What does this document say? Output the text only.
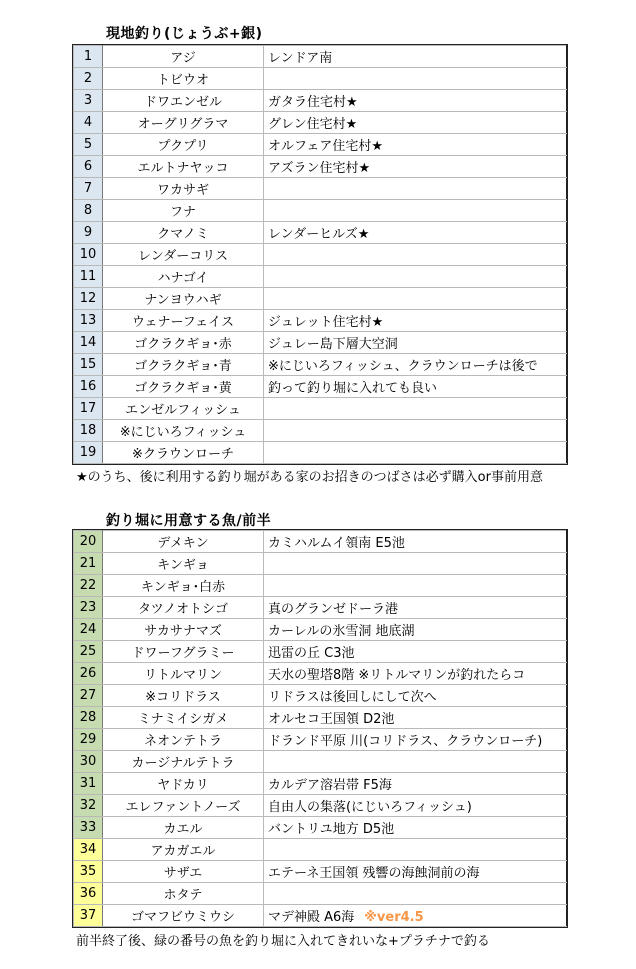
現地釣り(じょうぶ+銀)
1	アジ	レンドア南
2	トビウオ	
3	ドワエンゼル	ガタラ住宅村★
4	オーグリグラマ	グレン住宅村★
5	プクプリ	オルフェア住宅村★
6	エルトナヤッコ	アズラン住宅村★
7	ワカサギ	
8	フナ	
9	クマノミ	レンダーヒルズ★
10	レンダーコリス	
11	ハナゴイ	
12	ナンヨウハギ	
13	ウェナーフェイス	ジュレット住宅村★
14	ゴクラクギョ･赤	ジュレー島下層大空洞
15	ゴクラクギョ･青	※にじいろフィッシュ、クラウンローチは後で
16	ゴクラクギョ･黄	釣って釣り堀に入れても良い
17	エンゼルフィッシュ	
18	※にじいろフィッシュ	
19	※クラウンローチ	
★のうち、後に利用する釣り堀がある家のお招きのつばさは必ず購入or事前用意
釣り堀に用意する魚/前半
20	デメキン	カミハルムイ領南 E5池
21	キンギョ	
22	キンギョ･白赤	
23	タツノオトシゴ	真のグランゼドーラ港
24	サカサナマズ	カーレルの氷雪洞 地底湖
25	ドワーフグラミー	迅雷の丘 C3池
26	リトルマリン	天水の聖塔8階 ※リトルマリンが釣れたらコ
27	※コリドラス	リドラスは後回しにして次へ
28	ミナミイシガメ	オルセコ王国領 D2池
29	ネオンテトラ	ドランド平原 川(コリドラス、クラウンローチ)
30	カージナルテトラ	
31	ヤドカリ	カルデア溶岩帯 F5海
32	エレファントノーズ	自由人の集落(にじいろフィッシュ)
33	カエル	バントリユ地方 D5池
34	アカガエル	
35	サザエ	エテーネ王国領 残響の海蝕洞前の海
36	ホタテ	
37	ゴマフビウミウシ	マデ神殿 A6海 ※ver4.5
前半終了後、緑の番号の魚を釣り堀に入れてきれいな+プラチナで釣る
